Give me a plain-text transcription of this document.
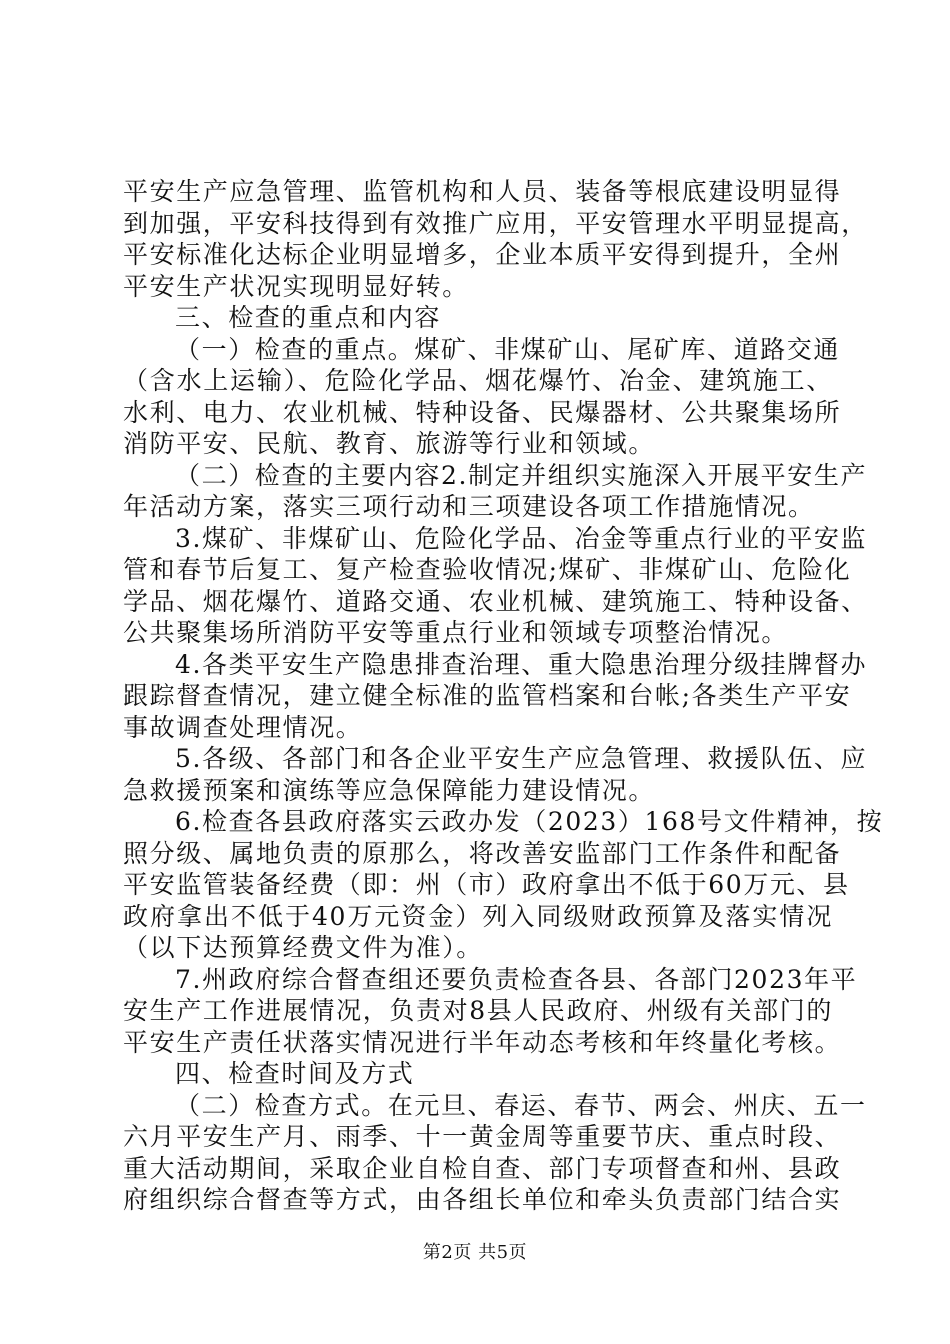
平安生产应急管理、监管机构和人员、装备等根底建设明显得
到加强，平安科技得到有效推广应用，平安管理水平明显提高，
平安标准化达标企业明显增多，企业本质平安得到提升，全州
平安生产状况实现明显好转。
三、检查的重点和内容
（一）检查的重点。煤矿、非煤矿山、尾矿库、道路交通
（含水上运输）、危险化学品、烟花爆竹、冶金、建筑施工、
水利、电力、农业机械、特种设备、民爆器材、公共聚集场所
消防平安、民航、教育、旅游等行业和领域。
（二）检查的主要内容2.制定并组织实施深入开展平安生产
年活动方案，落实三项行动和三项建设各项工作措施情况。
3.煤矿、非煤矿山、危险化学品、冶金等重点行业的平安监
管和春节后复工、复产检查验收情况;煤矿、非煤矿山、危险化
学品、烟花爆竹、道路交通、农业机械、建筑施工、特种设备、
公共聚集场所消防平安等重点行业和领域专项整治情况。
4.各类平安生产隐患排查治理、重大隐患治理分级挂牌督办
跟踪督查情况，建立健全标准的监管档案和台帐;各类生产平安
事故调查处理情况。
5.各级、各部门和各企业平安生产应急管理、救援队伍、应
急救援预案和演练等应急保障能力建设情况。
6.检查各县政府落实云政办发（2023）168号文件精神，按
照分级、属地负责的原那么，将改善安监部门工作条件和配备
平安监管装备经费（即：州（市）政府拿出不低于60万元、县
政府拿出不低于40万元资金）列入同级财政预算及落实情况
（以下达预算经费文件为准）。
7.州政府综合督查组还要负责检查各县、各部门2023年平
安生产工作进展情况，负责对8县人民政府、州级有关部门的
平安生产责任状落实情况进行半年动态考核和年终量化考核。
四、检查时间及方式
（二）检查方式。在元旦、春运、春节、两会、州庆、五一
六月平安生产月、雨季、十一黄金周等重要节庆、重点时段、
重大活动期间，采取企业自检自查、部门专项督查和州、县政
府组织综合督查等方式，由各组长单位和牵头负责部门结合实
第2页 共5页
